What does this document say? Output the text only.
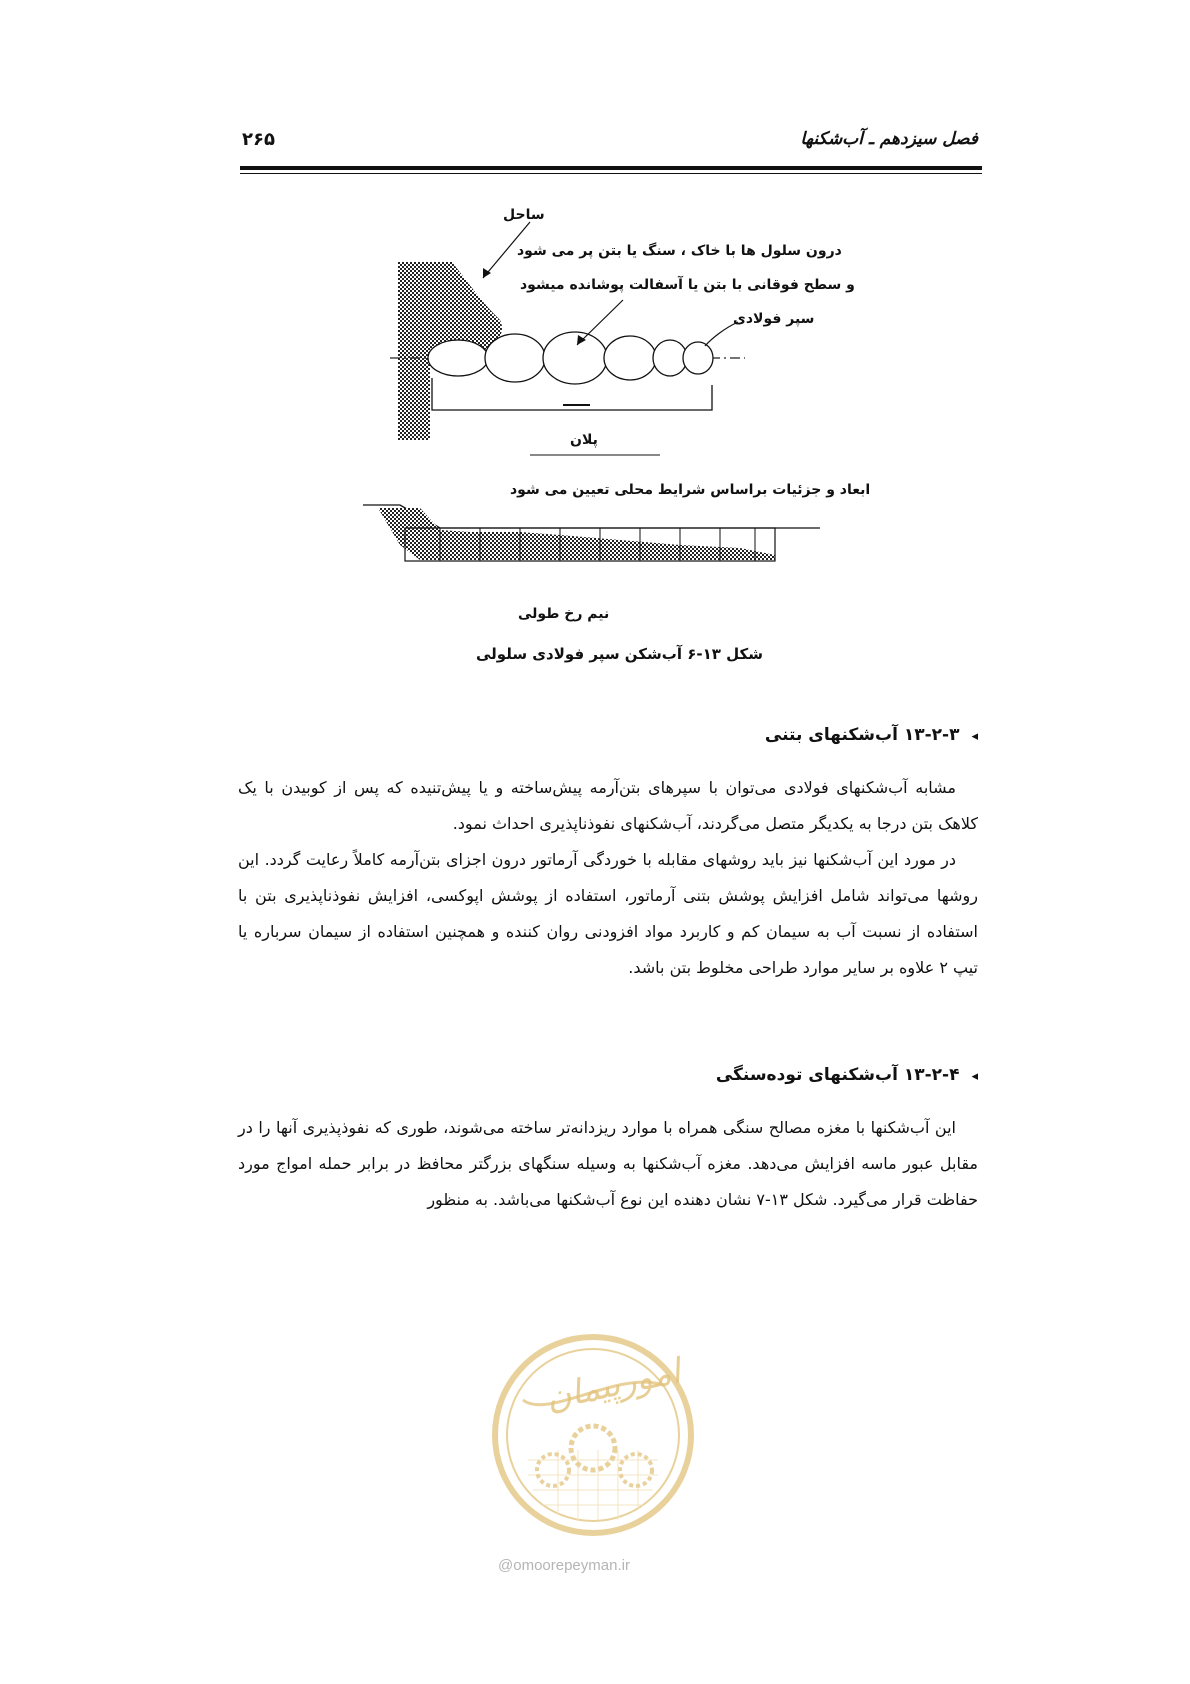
فصل سیزدهم ـ آب‌شکنها
۲۶۵
ساحل
درون سلول ها با خاک ، سنگ یا بتن پر می شود
و سطح فوقانی با بتن یا آسفالت پوشانده میشود
سپر فولادی
پلان
ابعاد و جزئیات براساس شرایط محلی تعیین می شود
نیم رخ طولی
شکل ۱۳-۶ آب‌شکن سپر فولادی سلولی
◂۱۳-۲-۳ آب‌شکنهای بتنی

مشابه آب‌شکنهای فولادی می‌توان با سپرهای بتن‌آرمه پیش‌ساخته و یا پیش‌تنیده که پس از کوبیدن با یک کلاهک بتن درجا به یکدیگر متصل می‌گردند، آب‌شکنهای نفوذناپذیری احداث نمود.

در مورد این آب‌شکنها نیز باید روشهای مقابله با خوردگی آرماتور درون اجزای بتن‌آرمه کاملاً رعایت گردد. این روشها می‌تواند شامل افزایش پوشش بتنی آرماتور، استفاده از پوشش اپوکسی، افزایش نفوذناپذیری بتن با استفاده از نسبت آب به سیمان کم و کاربرد مواد افزودنی روان کننده و همچنین استفاده از سیمان سرباره یا تیپ ۲ علاوه بر سایر موارد طراحی مخلوط بتن باشد.

◂۱۳-۲-۴ آب‌شکنهای توده‌سنگی

این آب‌شکنها با مغزه مصالح سنگی همراه با موارد ریزدانه‌تر ساخته می‌شوند، طوری که نفوذپذیری آنها را در مقابل عبور ماسه افزایش می‌دهد. مغزه آب‌شکنها به وسیله سنگهای بزرگتر محافظ در برابر حمله امواج مورد حفاظت قرار می‌گیرد. شکل ۱۳-۷ نشان دهنده این نوع آب‌شکنها می‌باشد. به منظور

امورپیمان
@omoorepeyman.ir
